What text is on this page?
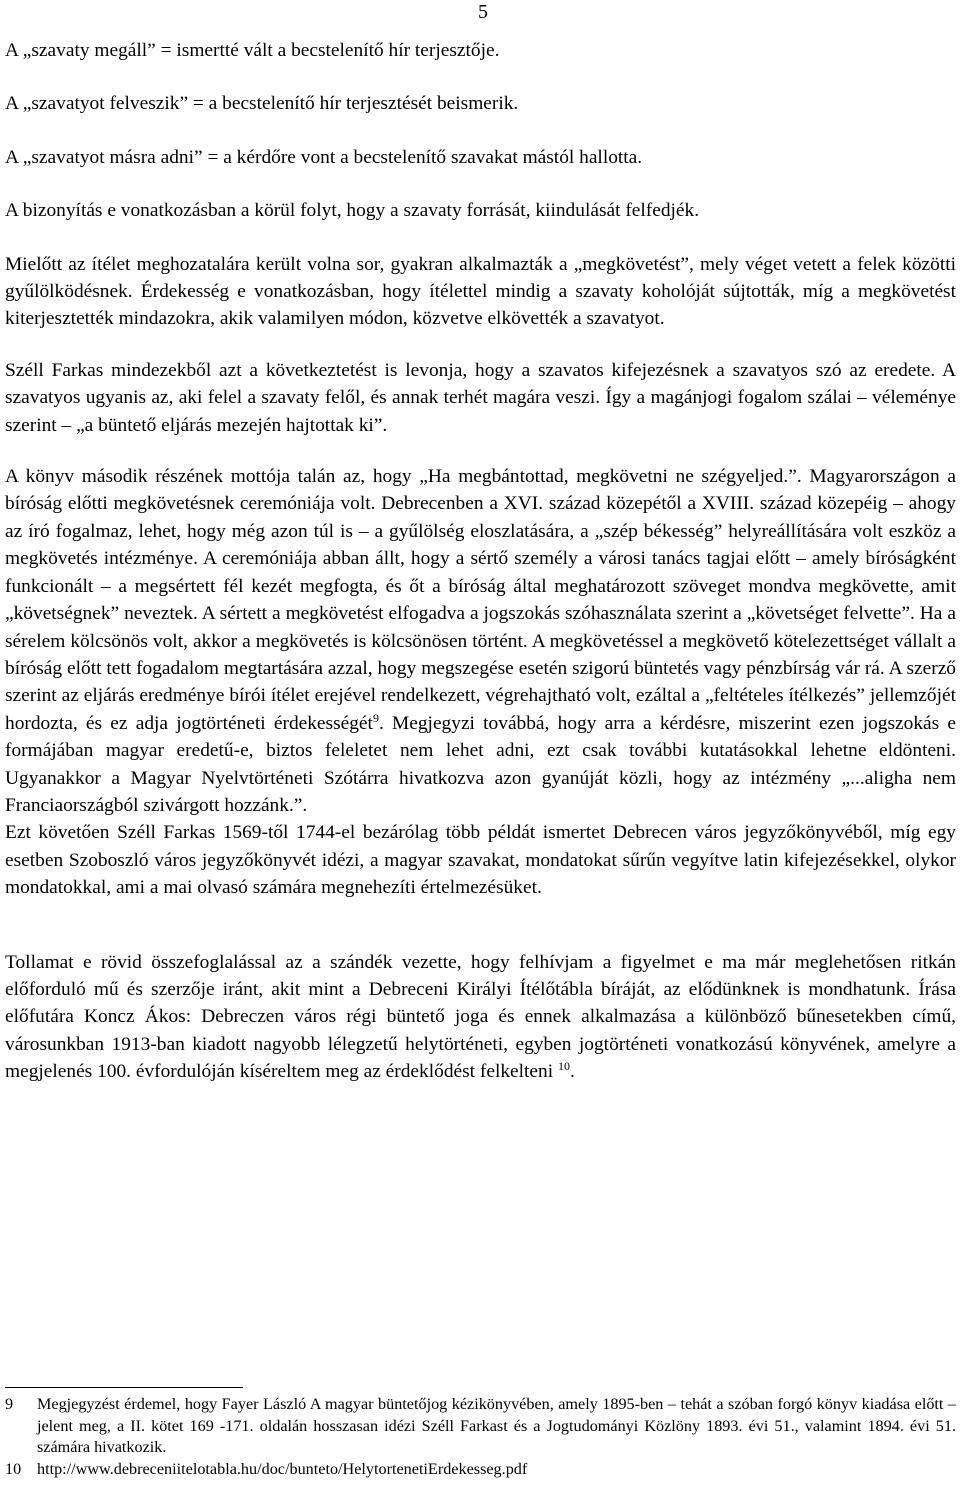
5

A „szavaty megáll” = ismertté vált a becstelenítő hír terjesztője.

A „szavatyot felveszik” = a becstelenítő hír terjesztését beismerik.

A „szavatyot másra adni” = a kérdőre vont a becstelenítő szavakat mástól hallotta.

A bizonyítás e vonatkozásban a körül folyt, hogy a szavaty forrását, kiindulását felfedjék.

Mielőtt az ítélet meghozatalára került volna sor, gyakran alkalmazták a „megkövetést”, mely véget vetett a felek közötti gyűlölködésnek. Érdekesség e vonatkozásban, hogy ítélettel mindig a szavaty koholóját sújtották, míg a megkövetést kiterjesztették mindazokra, akik valamilyen módon, közvetve elkövették a szavatyot.

Széll Farkas mindezekből azt a következtetést is levonja, hogy a szavatos kifejezésnek a szavatyos szó az eredete. A szavatyos ugyanis az, aki felel a szavaty felől, és annak terhét magára veszi. Így a magánjogi fogalom szálai – véleménye szerint – „a büntető eljárás mezején hajtottak ki”.

A könyv második részének mottója talán az, hogy „Ha megbántottad, megkövetni ne szégyeljed.”. Magyarországon a bíróság előtti megkövetésnek ceremóniája volt. Debrecenben a XVI. század közepétől a XVIII. század közepéig – ahogy az író fogalmaz, lehet, hogy még azon túl is – a gyűlölség eloszlatására, a „szép békesség” helyreállítására volt eszköz a megkövetés intézménye. A ceremóniája abban állt, hogy a sértő személy a városi tanács tagjai előtt – amely bíróságként funkcionált – a megsértett fél kezét megfogta, és őt a bíróság által meghatározott szöveget mondva megkövette, amit „követségnek” neveztek. A sértett a megkövetést elfogadva a jogszokás szóhasználata szerint a „követséget felvette”. Ha a sérelem kölcsönös volt, akkor a megkövetés is kölcsönösen történt. A megkövetéssel a megkövető kötelezettséget vállalt a bíróság előtt tett fogadalom megtartására azzal, hogy megszegése esetén szigorú büntetés vagy pénzbírság vár rá. A szerző szerint az eljárás eredménye bírói ítélet erejével rendelkezett, végrehajtható volt, ezáltal a „feltételes ítélkezés” jellemzőjét hordozta, és ez adja jogtörténeti érdekességét$^9$. Megjegyzi továbbá, hogy arra a kérdésre, miszerint ezen jogszokás e formájában magyar eredetű-e, biztos feleletet nem lehet adni, ezt csak további kutatásokkal lehetne eldönteni. Ugyanakkor a Magyar Nyelvtörténeti Szótárra hivatkozva azon gyanúját közli, hogy az intézmény „...aligha nem Franciaországból szivárgott hozzánk.”.

Ezt követően Széll Farkas 1569-től 1744-el bezárólag több példát ismertet Debrecen város jegyzőkönyvéből, míg egy esetben Szoboszló város jegyzőkönyvét idézi, a magyar szavakat, mondatokat sűrűn vegyítve latin kifejezésekkel, olykor mondatokkal, ami a mai olvasó számára megnehezíti értelmezésüket.

Tollamat e rövid összefoglalással az a szándék vezette, hogy felhívjam a figyelmet e ma már meglehetősen ritkán előforduló mű és szerzője iránt, akit mint a Debreceni Királyi Ítélőtábla bíráját, az elődünknek is mondhatunk. Írása előfutára Koncz Ákos: Debreczen város régi büntető joga és ennek alkalmazása a különböző bűnesetekben című, városunkban 1913-ban kiadott nagyobb lélegzetű helytörténeti, egyben jogtörténeti vonatkozású könyvének, amelyre a megjelenés 100. évfordulóján kíséreltem meg az érdeklődést felkelteni $^{10}$.

9	Megjegyzést érdemel, hogy Fayer László A magyar büntetőjog kézikönyvében, amely 1895-ben – tehát a szóban forgó könyv kiadása előtt – jelent meg, a II. kötet 169 -171. oldalán hosszasan idézi Széll Farkast és a Jogtudományi Közlöny 1893. évi 51., valamint 1894. évi 51. számára hivatkozik.
10 http://www.debreceniitelotabla.hu/doc/bunteto/HelytortenetiErdekesseg.pdf
